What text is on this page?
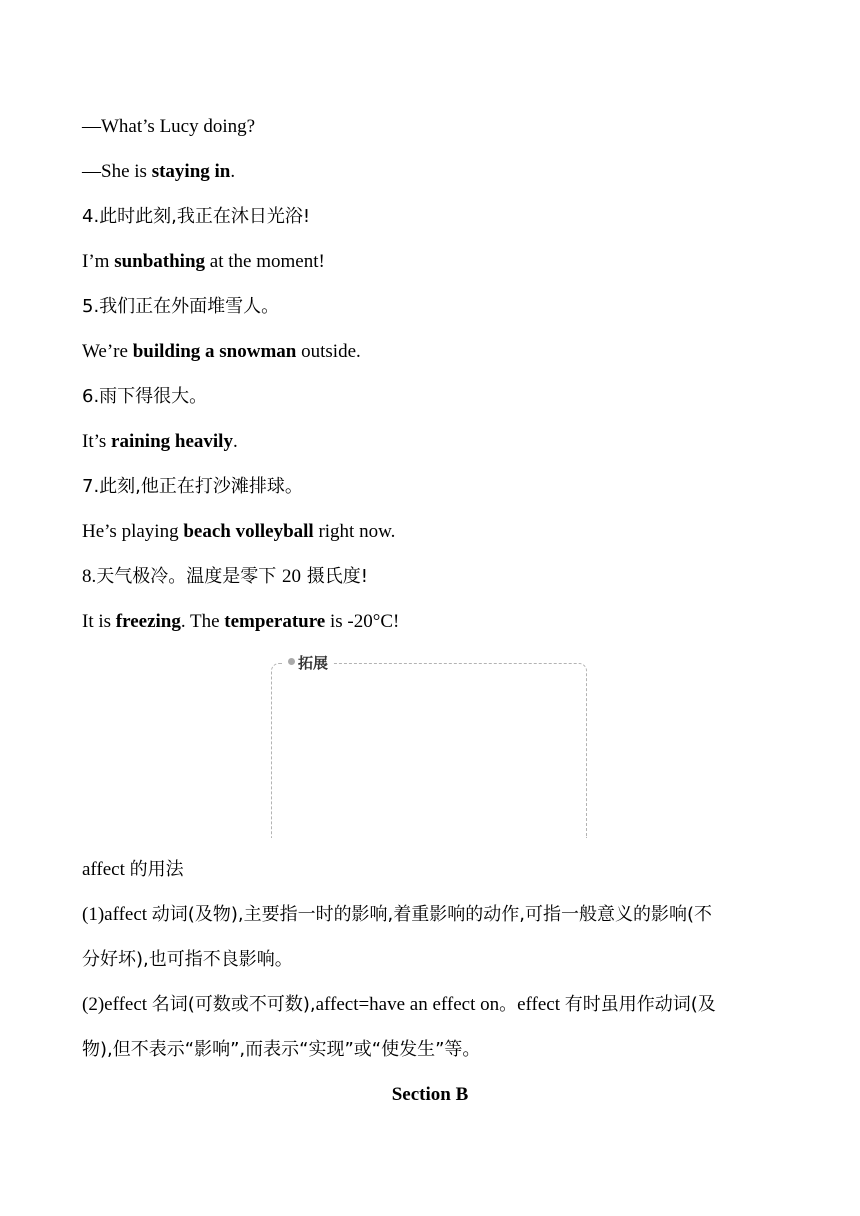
—What’s Lucy doing?
—She is staying in.
4.此时此刻,我正在沐日光浴!
I’m sunbathing at the moment!
5.我们正在外面堆雪人。
We’re building a snowman outside.
6.雨下得很大。
It’s raining heavily.
7.此刻,他正在打沙滩排球。
He’s playing beach volleyball right now.
8.天气极冷。温度是零下 20 摄氏度!
It is freezing. The temperature is -20°C!
affect 的用法
(1)affect 动词(及物),主要指一时的影响,着重影响的动作,可指一般意义的影响(不
分好坏),也可指不良影响。
(2)effect 名词(可数或不可数),affect=have an effect on。effect 有时虽用作动词(及
物),但不表示“影响”,而表示“实现”或“使发生”等。
拓展
Section B
